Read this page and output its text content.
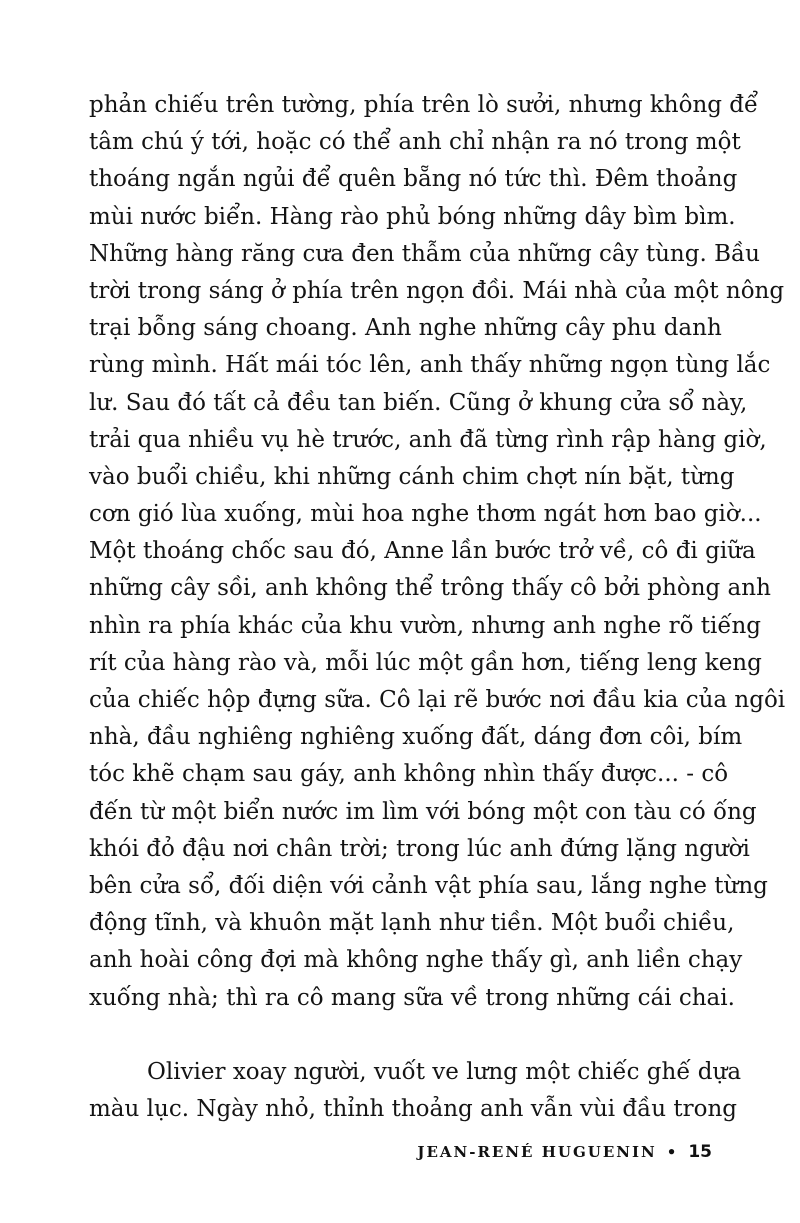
phản chiếu trên tường, phía trên lò sưởi, nhưng không để
tâm chú ý tới, hoặc có thể anh chỉ nhận ra nó trong một
thoáng ngắn ngủi để quên bẵng nó tức thì. Đêm thoảng
mùi nước biển. Hàng rào phủ bóng những dây bìm bìm.
Những hàng răng cưa đen thẫm của những cây tùng. Bầu
trời trong sáng ở phía trên ngọn đồi. Mái nhà của một nông
trại bỗng sáng choang. Anh nghe những cây phu danh
rùng mình. Hất mái tóc lên, anh thấy những ngọn tùng lắc
lư. Sau đó tất cả đều tan biến. Cũng ở khung cửa sổ này,
trải qua nhiều vụ hè trước, anh đã từng rình rập hàng giờ,
vào buổi chiều, khi những cánh chim chợt nín bặt, từng
cơn gió lùa xuống, mùi hoa nghe thơm ngát hơn bao giờ...
Một thoáng chốc sau đó, Anne lần bước trở về, cô đi giữa
những cây sồi, anh không thể trông thấy cô bởi phòng anh
nhìn ra phía khác của khu vườn, nhưng anh nghe rõ tiếng
rít của hàng rào và, mỗi lúc một gần hơn, tiếng leng keng
của chiếc hộp đựng sữa. Cô lại rẽ bước nơi đầu kia của ngôi
nhà, đầu nghiêng nghiêng xuống đất, dáng đơn côi, bím
tóc khẽ chạm sau gáy, anh không nhìn thấy được... - cô
đến từ một biển nước im lìm với bóng một con tàu có ống
khói đỏ đậu nơi chân trời; trong lúc anh đứng lặng người
bên cửa sổ, đối diện với cảnh vật phía sau, lắng nghe từng
động tĩnh, và khuôn mặt lạnh như tiền. Một buổi chiều,
anh hoài công đợi mà không nghe thấy gì, anh liền chạy
xuống nhà; thì ra cô mang sữa về trong những cái chai.
Olivier xoay người, vuốt ve lưng một chiếc ghế dựa
màu lục. Ngày nhỏ, thỉnh thoảng anh vẫn vùi đầu trong
JEAN-RENÉ HUGUENIN • 15
